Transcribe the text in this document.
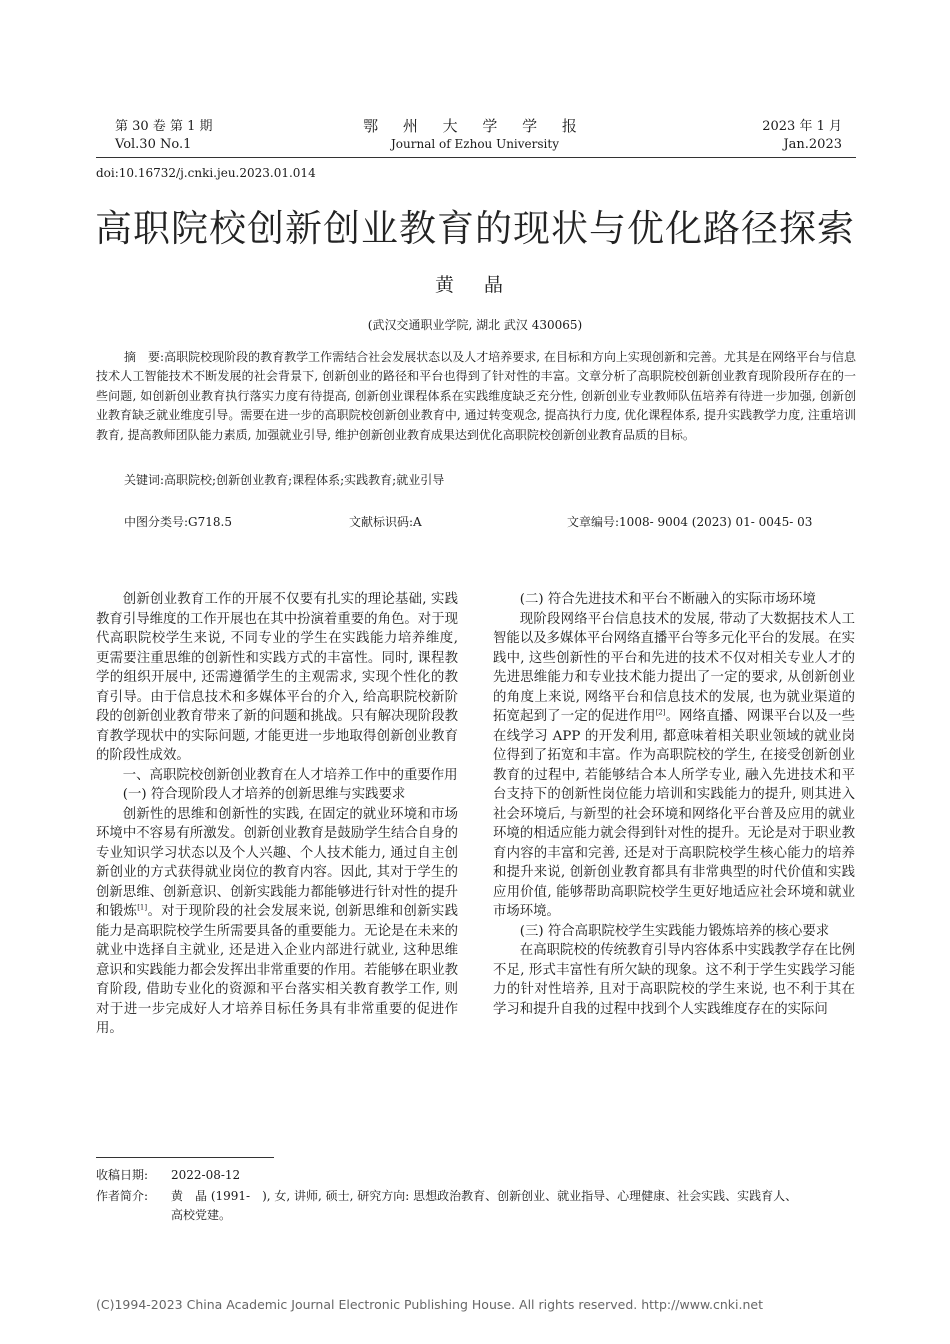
第 30 卷 第 1 期
Vol.30 No.1
鄂 州 大 学 学 报
Journal of Ezhou University
2023 年 1 月
Jan.2023
doi:10.16732/j.cnki.jeu.2023.01.014
高职院校创新创业教育的现状与优化路径探索
黄 晶
(武汉交通职业学院, 湖北 武汉 430065)
摘　要:高职院校现阶段的教育教学工作需结合社会发展状态以及人才培养要求, 在目标和方向上实现创新和完善。尤其是在网络平台与信息技术人工智能技术不断发展的社会背景下, 创新创业的路径和平台也得到了针对性的丰富。文章分析了高职院校创新创业教育现阶段所存在的一些问题, 如创新创业教育执行落实力度有待提高, 创新创业课程体系在实践维度缺乏充分性, 创新创业专业教师队伍培养有待进一步加强, 创新创业教育缺乏就业维度引导。需要在进一步的高职院校创新创业教育中, 通过转变观念, 提高执行力度, 优化课程体系, 提升实践教学力度, 注重培训教育, 提高教师团队能力素质, 加强就业引导, 维护创新创业教育成果达到优化高职院校创新创业教育品质的目标。
关键词:高职院校;创新创业教育;课程体系;实践教育;就业引导
中图分类号:G718.5	文献标识码:A	文章编号:1008- 9004 (2023) 01- 0045- 03

创新创业教育工作的开展不仅要有扎实的理论基础, 实践教育引导维度的工作开展也在其中扮演着重要的角色。对于现代高职院校学生来说, 不同专业的学生在实践能力培养维度, 更需要注重思维的创新性和实践方式的丰富性。同时, 课程教学的组织开展中, 还需遵循学生的主观需求, 实现个性化的教育引导。由于信息技术和多媒体平台的介入, 给高职院校新阶段的创新创业教育带来了新的问题和挑战。只有解决现阶段教育教学现状中的实际问题, 才能更进一步地取得创新创业教育的阶段性成效。

一、高职院校创新创业教育在人才培养工作中的重要作用

(一) 符合现阶段人才培养的创新思维与实践要求

创新性的思维和创新性的实践, 在固定的就业环境和市场环境中不容易有所激发。创新创业教育是鼓励学生结合自身的专业知识学习状态以及个人兴趣、个人技术能力, 通过自主创新创业的方式获得就业岗位的教育内容。因此, 其对于学生的创新思维、创新意识、创新实践能力都能够进行针对性的提升和锻炼[1]。对于现阶段的社会发展来说, 创新思维和创新实践能力是高职院校学生所需要具备的重要能力。无论是在未来的就业中选择自主就业, 还是进入企业内部进行就业, 这种思维意识和实践能力都会发挥出非常重要的作用。若能够在职业教育阶段, 借助专业化的资源和平台落实相关教育教学工作, 则对于进一步完成好人才培养目标任务具有非常重要的促进作用。

(二) 符合先进技术和平台不断融入的实际市场环境

现阶段网络平台信息技术的发展, 带动了大数据技术人工智能以及多媒体平台网络直播平台等多元化平台的发展。在实践中, 这些创新性的平台和先进的技术不仅对相关专业人才的先进思维能力和专业技术能力提出了一定的要求, 从创新创业的角度上来说, 网络平台和信息技术的发展, 也为就业渠道的拓宽起到了一定的促进作用[2]。网络直播、网课平台以及一些在线学习 APP 的开发利用, 都意味着相关职业领域的就业岗位得到了拓宽和丰富。作为高职院校的学生, 在接受创新创业教育的过程中, 若能够结合本人所学专业, 融入先进技术和平台支持下的创新性岗位能力培训和实践能力的提升, 则其进入社会环境后, 与新型的社会环境和网络化平台普及应用的就业环境的相适应能力就会得到针对性的提升。无论是对于职业教育内容的丰富和完善, 还是对于高职院校学生核心能力的培养和提升来说, 创新创业教育都具有非常典型的时代价值和实践应用价值, 能够帮助高职院校学生更好地适应社会环境和就业市场环境。

(三) 符合高职院校学生实践能力锻炼培养的核心要求

在高职院校的传统教育引导内容体系中实践教学存在比例不足, 形式丰富性有所欠缺的现象。这不利于学生实践学习能力的针对性培养, 且对于高职院校的学生来说, 也不利于其在学习和提升自我的过程中找到个人实践维度存在的实际问

收稿日期: 2022-08-12
作者简介: 黄　晶 (1991-　), 女, 讲师, 硕士, 研究方向: 思想政治教育、创新创业、就业指导、心理健康、社会实践、实践育人、
高校党建。
(C)1994-2023 China Academic Journal Electronic Publishing House. All rights reserved. http://www.cnki.net
